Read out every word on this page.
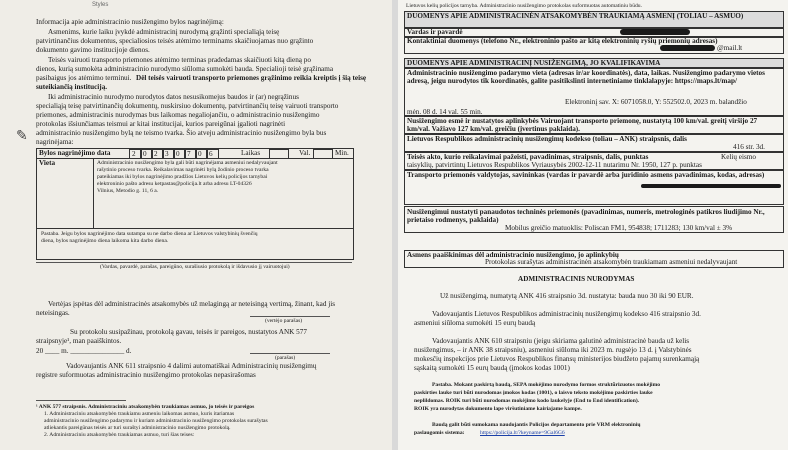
Styles
Informacija apie administracinio nusižengimo bylos nagrinėjimą:
Asmenims, kurie laiku įvykdė administracinį nurodymą grąžinti specialiąją teisę
patvirtinančius dokumentus, specialiosios teisės atėmimo terminams skaičiuojamas nuo grąžinto
dokumento gavimo institucijoje dienos.
Teisės vairuoti transporto priemones atėmimo terminas pradedamas skaičiuoti kitą dieną po
dienos, kurią sumokėta administracinio nurodymo siūloma sumokėti bauda. Specialioji teisė grąžinama
pasibaigus jos atėmimo terminui. Dėl teisės vairuoti transporto priemones grąžinimo reikia kreiptis į šią teisę
suteikiančią instituciją.
Iki administracinio nurodymo nurodytos datos nesusikomejus baudos ir (ar) negrąžinus
specialiąją teisę patvirtinančių dokumentų, nuskirsiuo dokumentų, patvirtinančių teisę vairuoti transporto
priemones, administracinis nurodymas bus laikomas negaliojančiu, o administracinio nusižengimo
protokolas išsiunčiamas teismui ar kitai institucijai, kurios pareigūnai įgalioti nagrinėti
administracinio nusižengimo bylą ne teismo tvarka. Šio atveju administracinio nusižengimo byla bus
nagrinėjama:
✎
Bylos nagrinėjimo data	2 0 2 3 0 7 0 6	Laikas	Val.	Min.
Vieta	Administracinio nusižengimo byla gali būti nagrinėjama asmeniui nedalyvaujant
rašytinio proceso tvarka. Reikalavimas nagrinėti bylą žodinio proceso tvarka
pateikiamas iki bylos nagrinėjimo pradžios Lietuvos kelių policijos tarnybai
elektroninio pašto adresu ketpastas@policija.lt arba adresu LT-04326
Vilnius, Metodio g. 11, 6 a.
Pastaba. Jeigu bylos nagrinėjimo data sutampa su ne darbo diena ar Lietuvos valstybinių švenčių
diena, bylos nagrinėjimo diena laikoma kita darbo diena.
(Vardas, pavardė, parašas, pareigūno, surašiusio protokolą ir išdavusio jį vairuotojui)
Vertėjas įspėtas dėl administracinės atsakomybės už melagingą ar neteisingą vertimą, žinant, kad jis
neteisingas.
(vertėjo parašas)
Su protokolu susipažinau, protokolą gavau, teisės ir pareigos, nustatytos ANK 577
straipsnyje¹, man paaiškintos.
20 ____ m. _______________ d.
(parašas)
Vadovaujantis ANK 611 straipsnio 4 dalimi automatiškai Administracinių nusižengimų
registre suformuotas administracinio nusižengimo protokolas nepasirašomas
¹ ANK 577 straipsnis. Administraciniu atsakomybėn traukiamas asmuo, jo teisės ir pareigos
1. Administraciniu atsakomybėn traukiamu asmeniu laikomas asmuo, kuris itariamas
administracinio nusižengimo padarymu ir kuriam administracinio nusižengimo protokolas surašytas
atliekantis pareigūnas teisės ar turi suraštyi administracinio nusižengimo protokolą.
2. Administraciniu atsakomybėn traukiamas asmuo, turi šias teises:
Lietuvos kelių policijos tarnyba. Administracinio nusižengimo protokolas suformuotas automatiniu būdu.
DUOMENYS APIE ADMINISTRACINĖN ATSAKOMYBĖN TRAUKIAMĄ ASMENĮ (TOLIAU – ASMUO)
Vardas ir pavardė
Kontaktiniai duomenys (telefono Nr., elektroninio pašto ar kitą elektroninių ryšių priemonių adresas)
@mail.lt
DUOMENYS APIE ADMINISTRACINĮ NUSIŽENGIMĄ, JO KVALIFIKAVIMA
Administracinio nusižengimo padarymo vieta (adresas ir/ar koordinatės), data, laikas. Nusižengimo padarymo vietos adresą, jeigu nurodytos tik koordinatės, galite pasitikslinti internetiniame tinklalapyje: https://maps.lt/map/
Elektroninį sav. X: 6071058.0, Y: 552502.0, 2023 m. balandžio
mėn. 08 d. 14 val. 55 min.
Nusižengimo esmė ir nustatytos aplinkybės Vairuojant transporto priemonę, nustatytą 100 km/val. greitį viršijo 27 km/val. Važiavo 127 km/val. greičiu (įvertinus paklaida).
Lietuvos Respublikos administracinių nusižengimų kodekso (toliau – ANK) straipsnis, dalis
416 str. 3d.
Teisės akto, kurio reikalavimai pažeisti, pavadinimas, straipsnis, dalis, punktas	Kelių eismo
taisyklių, patvirtintų Lietuvos Respublikos Vyriausybės 2002-12-11 nutarimu Nr. 1950, 127 p. punktas
Transporto priemonės valdytojas, savininkas (vardas ir pavardė arba juridinio asmens pavadinimas, kodas, adresas)
Nusižengimui nustatyti panaudotos techninės priemonės (pavadinimas, numeris, metrologinės patikros liudijimo Nr., prietaiso rodmenys, paklaida)
Mobilus greičio matuoklis: Poliscan FM1, 954838; 1711283; 130 km/val ± 3%
Asmens paaiškinimas dėl administracinio nusižengimo, jo aplinkybių
Protokolas surašytas administracinėn atsakomybėn traukiamam asmeniui nedalyvaujant
ADMINISTRACINIS NURODYMAS
Už nusižengimą, numatytą ANK 416 straipsnio 3d. nustatyta: bauda nuo 30 iki 90 EUR.
Vadovaujantis Lietuvos Respublikos administracinių nusižengimų kodekso 416 straipsnio 3d.
asmeniui siūloma sumokėti 15 eurų baudą
Vadovaujantis ANK 610 straipsniu (jeigu skiriama galutinė administracinė bauda už kelis
nusižengimus, – ir ANK 38 straipsniu), asmeniui siūloma iki 2023 m. rugsėjo 13 d. į Valstybinės
mokesčių inspekcijos prie Lietuvos Respublikos finansų ministerijos biudžeto pajamų surenkamąją
sąskaitą sumokėti 15 eurų baudą (įmokos kodas 1001)
Pastaba. Mokant paskirtą baudą, SEPA mokėjimo nurodymo formos struktūrizuotos mokėjimo
paskirties lauke turi būti nurodomas įmokos kodas (1001), o laisvo teksto mokėjimo paskirties lauke
neplildomas. ROIK turi būti nurodomas mokėjimo kodo laukelyje (End to End identification).
ROIK yra nurodytas dokumento lape viršutiniame kairiajame kampe.
Baudą galit būti sumokama naudojantis Policijos departamento prie VRM elektroninių
paslaugomis sistema:	https://policija.lt/?keyname=9Gal6G6
